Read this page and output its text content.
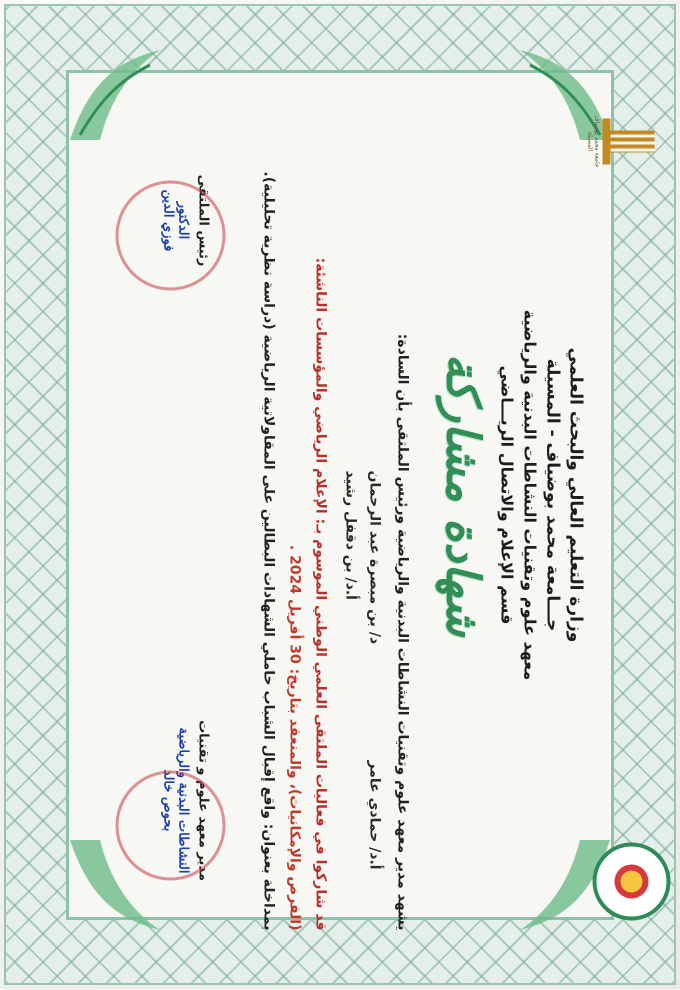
جامعة محمد بوضياف المسيلة
وزارة التعليم العالي والبحث العلمي
جـــامعة محمد بوضياف - المسيلة
معهد علوم وتقنيات النشاطات البدنية والرياضية
قسم الإعلام والاتصال الريـــاضي
شهادة مشاركة
يشهد مدير معهد علوم وتقنيات النشاطات البدنية والرياضية ورئيس الملتقى بأن السادة:
د/ بن مبصرة عبد الرحمان
أ.د/ حمادي عامر
أ.د/ بن دقفل رشيد
قد شاركوا في فعاليات الملتقى العلمي الوطني الموسوم بـ: الإعلام الرياضي والمؤسسات الناشئة:
(الفرص والإمكانيات)، والمنعقد بتاريخ: 30 أفريل 2024 .
بمداخلة بعنوان: واقع إقبال الشباب حاملي الشهادات البطالين على المقاولاتية الرياضية (دراسة نظرية تحليلية).
رئيس الملتقى
الدكتور
فوزي الدين
مدير معهد علوم و تقنيات
النشاطات البدنية والرياضية
بحوص خالد
